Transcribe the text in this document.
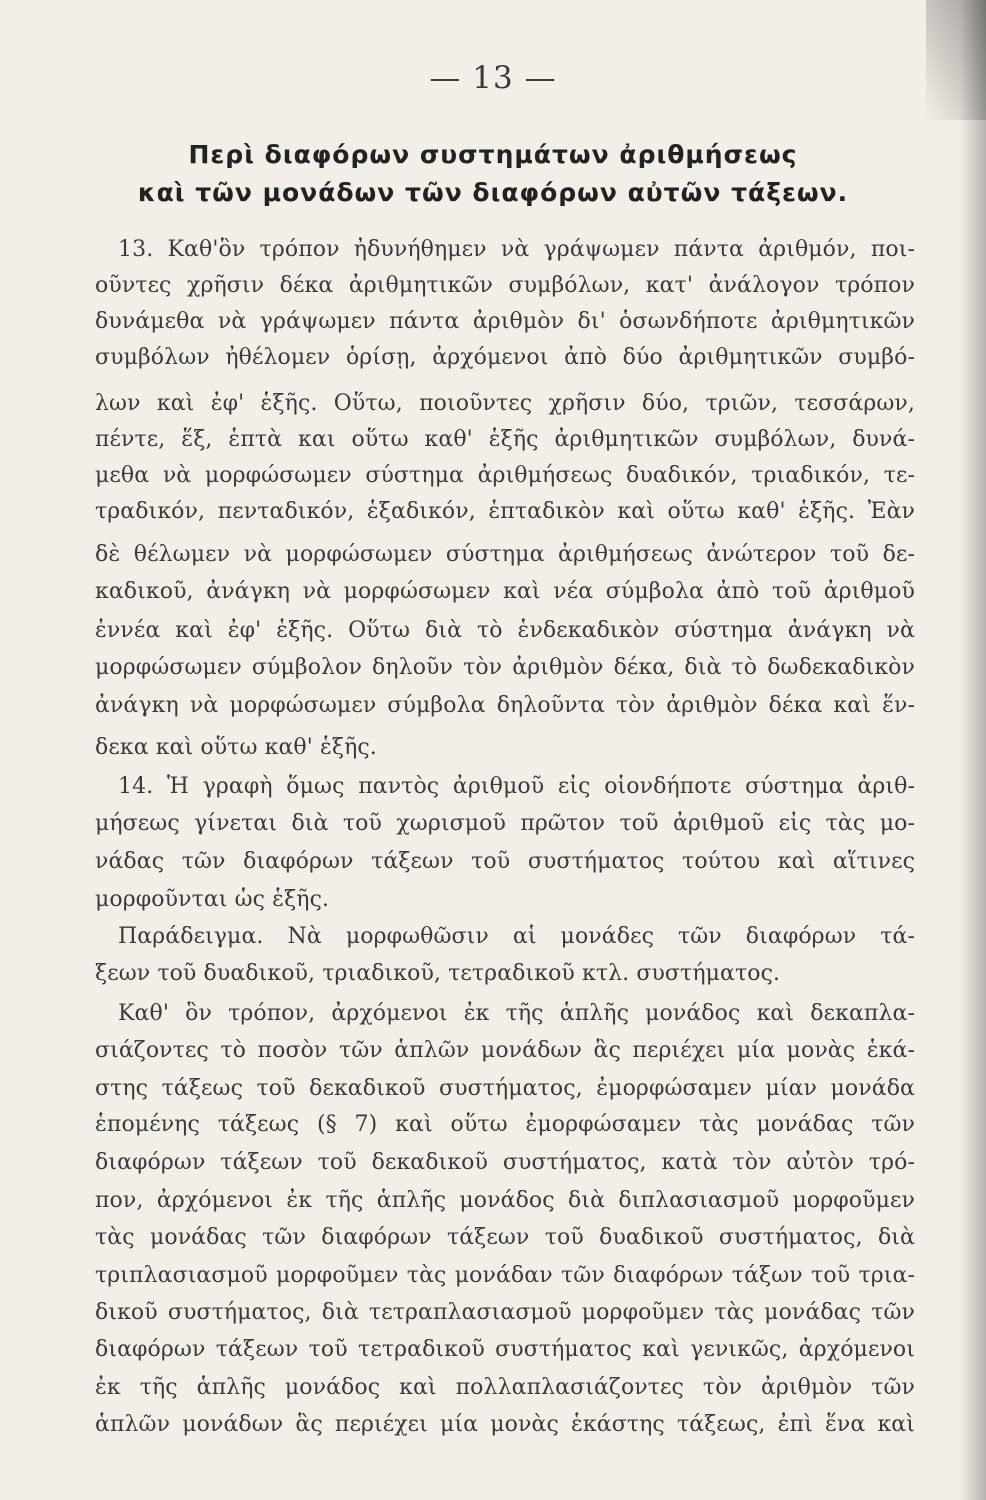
— 13 —
Περὶ διαφόρων συστημάτων ἀριθμήσεως
καὶ τῶν μονάδων τῶν διαφόρων αὐτῶν τάξεων.
13. Καθ'ὃν τρόπον ἠδυνήθημεν νὰ γράψωμεν πάντα ἀριθμόν, ποι-
οῦντες χρῆσιν δέκα ἀριθμητικῶν συμβόλων, κατ' ἀνάλογον τρόπον
δυνάμεθα νὰ γράψωμεν πάντα ἀριθμὸν δι' ὁσωνδήποτε ἀριθμητικῶν
συμβόλων ἠθέλομεν ὁρίσῃ, ἀρχόμενοι ἀπὸ δύο ἀριθμητικῶν συμβό-
λων καὶ ἐφ' ἑξῆς. Οὕτω, ποιοῦντες χρῆσιν δύο, τριῶν, τεσσάρων,
πέντε, ἕξ, ἑπτὰ και οὕτω καθ' ἑξῆς ἀριθμητικῶν συμβόλων, δυνά-
μεθα νὰ μορφώσωμεν σύστημα ἀριθμήσεως δυαδικόν, τριαδικόν, τε-
τραδικόν, πενταδικόν, ἑξαδικόν, ἑπταδικὸν καὶ οὕτω καθ' ἑξῆς. Ἐὰν
δὲ θέλωμεν νὰ μορφώσωμεν σύστημα ἀριθμήσεως ἀνώτερον τοῦ δε-
καδικοῦ, ἀνάγκη νὰ μορφώσωμεν καὶ νέα σύμβολα ἀπὸ τοῦ ἀριθμοῦ
ἐννέα καὶ ἐφ' ἑξῆς. Οὕτω διὰ τὸ ἑνδεκαδικὸν σύστημα ἀνάγκη νὰ
μορφώσωμεν σύμβολον δηλοῦν τὸν ἀριθμὸν δέκα, διὰ τὸ δωδεκαδικὸν
ἀνάγκη νὰ μορφώσωμεν σύμβολα δηλοῦντα τὸν ἀριθμὸν δέκα καὶ ἕν-
δεκα καὶ οὕτω καθ' ἑξῆς.
14. Ἡ γραφὴ ὅμως παντὸς ἀριθμοῦ εἰς οἱονδήποτε σύστημα ἀριθ-
μήσεως γίνεται διὰ τοῦ χωρισμοῦ πρῶτον τοῦ ἀριθμοῦ εἰς τὰς μο-
νάδας τῶν διαφόρων τάξεων τοῦ συστήματος τούτου καὶ αἵτινες
μορφοῦνται ὡς ἑξῆς.
Παράδειγμα. Νὰ μορφωθῶσιν αἱ μονάδες τῶν διαφόρων τά-
ξεων τοῦ δυαδικοῦ, τριαδικοῦ, τετραδικοῦ κτλ. συστήματος.
Καθ' ὃν τρόπον, ἀρχόμενοι ἐκ τῆς ἁπλῆς μονάδος καὶ δεκαπλα-
σιάζοντες τὸ ποσὸν τῶν ἁπλῶν μονάδων ἃς περιέχει μία μονὰς ἑκά-
στης τάξεως τοῦ δεκαδικοῦ συστήματος, ἐμορφώσαμεν μίαν μονάδα
ἑπομένης τάξεως (§ 7) καὶ οὕτω ἐμορφώσαμεν τὰς μονάδας τῶν
διαφόρων τάξεων τοῦ δεκαδικοῦ συστήματος, κατὰ τὸν αὐτὸν τρό-
πον, ἀρχόμενοι ἐκ τῆς ἁπλῆς μονάδος διὰ διπλασιασμοῦ μορφοῦμεν
τὰς μονάδας τῶν διαφόρων τάξεων τοῦ δυαδικοῦ συστήματος, διὰ
τριπλασιασμοῦ μορφοῦμεν τὰς μονάδαν τῶν διαφόρων τάξων τοῦ τρια-
δικοῦ συστήματος, διὰ τετραπλασιασμοῦ μορφοῦμεν τὰς μονάδας τῶν
διαφόρων τάξεων τοῦ τετραδικοῦ συστήματος καὶ γενικῶς, ἀρχόμενοι
ἐκ τῆς ἁπλῆς μονάδος καὶ πολλαπλασιάζοντες τὸν ἀριθμὸν τῶν
ἁπλῶν μονάδων ἃς περιέχει μία μονὰς ἑκάστης τάξεως, ἐπὶ ἕνα καὶ
